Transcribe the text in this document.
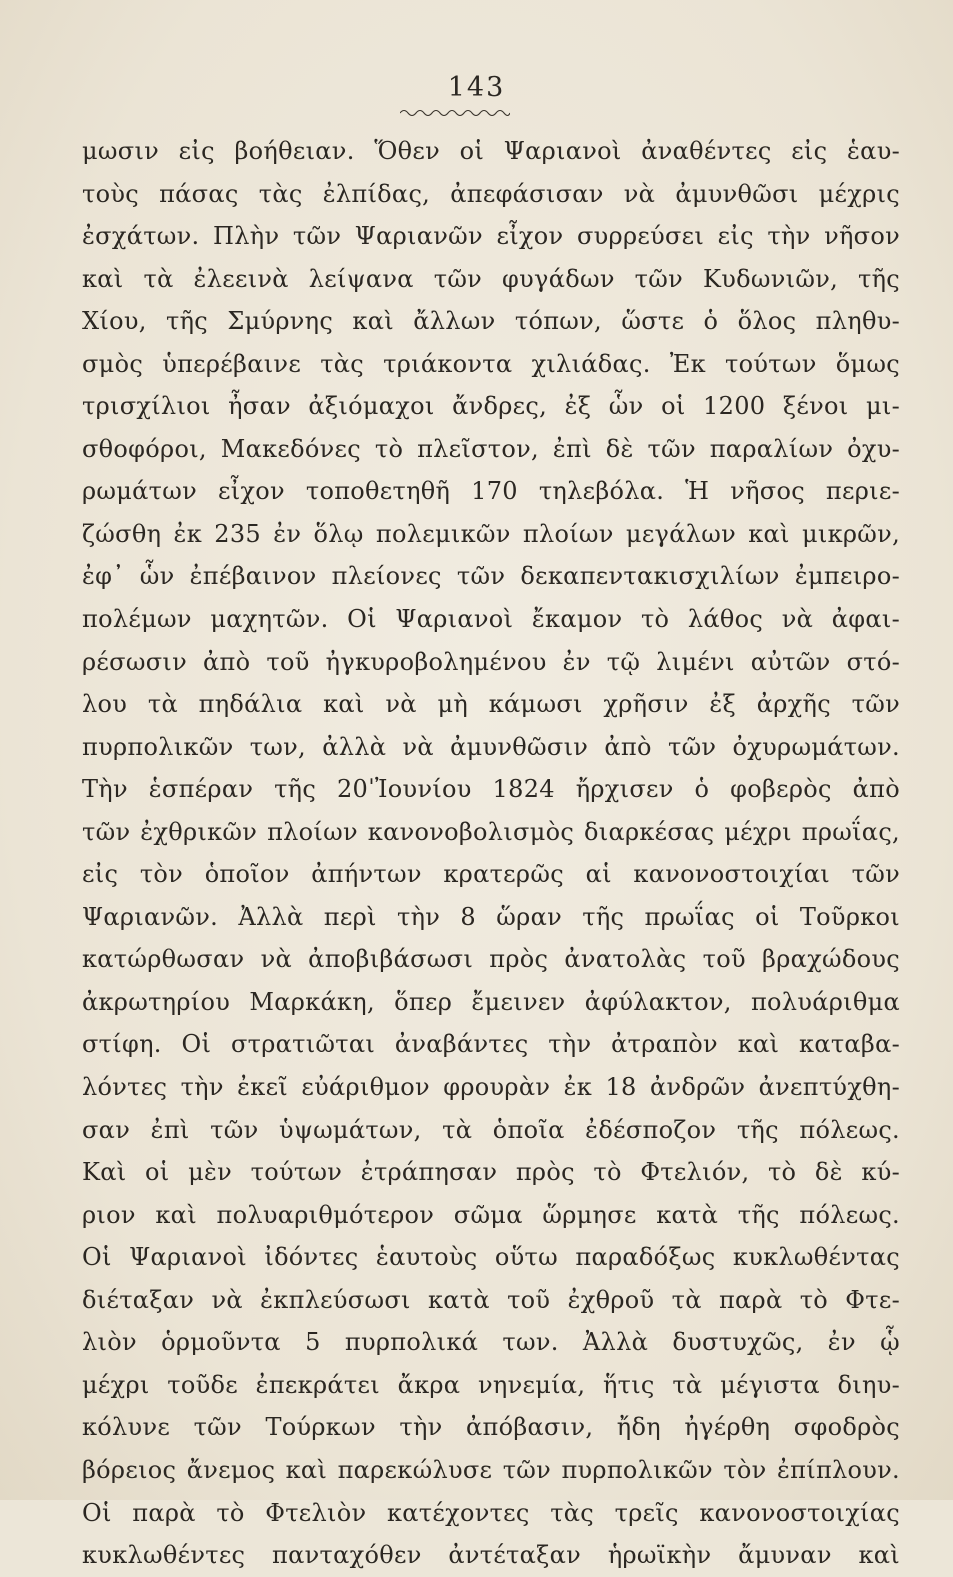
143
μωσιν εἰς βοήθειαν. Ὅθεν οἱ Ψαριανοὶ ἀναθέντες εἰς ἑαυ-
τοὺς πάσας τὰς ἐλπίδας, ἀπεφάσισαν νὰ ἀμυνθῶσι μέχρις
ἐσχάτων. Πλὴν τῶν Ψαριανῶν εἶχον συρρεύσει εἰς τὴν νῆσον
καὶ τὰ ἐλεεινὰ λείψανα τῶν φυγάδων τῶν Κυδωνιῶν, τῆς
Χίου, τῆς Σμύρνης καὶ ἄλλων τόπων, ὥστε ὁ ὅλος πληθυ-
σμὸς ὑπερέβαινε τὰς τριάκοντα χιλιάδας. Ἐκ τούτων ὅμως
τρισχίλιοι ἦσαν ἀξιόμαχοι ἄνδρες, ἐξ ὧν οἱ 1200 ξένοι μι-
σθοφόροι, Μακεδόνες τὸ πλεῖστον, ἐπὶ δὲ τῶν παραλίων ὀχυ-
ρωμάτων εἶχον τοποθετηθῆ 170 τηλεβόλα. Ἡ νῆσος περιε-
ζώσθη ἐκ 235 ἐν ὅλῳ πολεμικῶν πλοίων μεγάλων καὶ μικρῶν,
ἐφ᾽ ὧν ἐπέβαινον πλείονες τῶν δεκαπεντακισχιλίων ἐμπειρο-
πολέμων μαχητῶν. Οἱ Ψαριανοὶ ἔκαμον τὸ λάθος νὰ ἀφαι-
ρέσωσιν ἀπὸ τοῦ ἠγκυροβολημένου ἐν τῷ λιμένι αὐτῶν στό-
λου τὰ πηδάλια καὶ νὰ μὴ κάμωσι χρῆσιν ἐξ ἀρχῆς τῶν
πυρπολικῶν των, ἀλλὰ νὰ ἀμυνθῶσιν ἀπὸ τῶν ὀχυρωμάτων.
Τὴν ἑσπέραν τῆς 20ˈἸουνίου 1824 ἤρχισεν ὁ φοβερὸς ἀπὸ
τῶν ἐχθρικῶν πλοίων κανονοβολισμὸς διαρκέσας μέχρι πρωΐας,
εἰς τὸν ὁποῖον ἀπήντων κρατερῶς αἱ κανονοστοιχίαι τῶν
Ψαριανῶν. Ἀλλὰ περὶ τὴν 8 ὥραν τῆς πρωΐας οἱ Τοῦρκοι
κατώρθωσαν νὰ ἀποβιβάσωσι πρὸς ἀνατολὰς τοῦ βραχώδους
ἀκρωτηρίου Μαρκάκη, ὅπερ ἔμεινεν ἀφύλακτον, πολυάριθμα
στίφη. Οἱ στρατιῶται ἀναβάντες τὴν ἀτραπὸν καὶ καταβα-
λόντες τὴν ἐκεῖ εὐάριθμον φρουρὰν ἐκ 18 ἀνδρῶν ἀνεπτύχθη-
σαν ἐπὶ τῶν ὑψωμάτων, τὰ ὁποῖα ἐδέσποζον τῆς πόλεως.
Καὶ οἱ μὲν τούτων ἐτράπησαν πρὸς τὸ Φτελιόν, τὸ δὲ κύ-
ριον καὶ πολυαριθμότερον σῶμα ὥρμησε κατὰ τῆς πόλεως.
Οἱ Ψαριανοὶ ἰδόντες ἑαυτοὺς οὕτω παραδόξως κυκλωθέντας
διέταξαν νὰ ἐκπλεύσωσι κατὰ τοῦ ἐχθροῦ τὰ παρὰ τὸ Φτε-
λιὸν ὁρμοῦντα 5 πυρπολικά των. Ἀλλὰ δυστυχῶς, ἐν ᾧ
μέχρι τοῦδε ἐπεκράτει ἄκρα νηνεμία, ἥτις τὰ μέγιστα διηυ-
κόλυνε τῶν Τούρκων τὴν ἀπόβασιν, ἤδη ἠγέρθη σφοδρὸς
βόρειος ἄνεμος καὶ παρεκώλυσε τῶν πυρπολικῶν τὸν ἐπίπλουν.
Οἱ παρὰ τὸ Φτελιὸν κατέχοντες τὰς τρεῖς κανονοστοιχίας
κυκλωθέντες πανταχόθεν ἀντέταξαν ἡρωϊκὴν ἄμυναν καὶ
